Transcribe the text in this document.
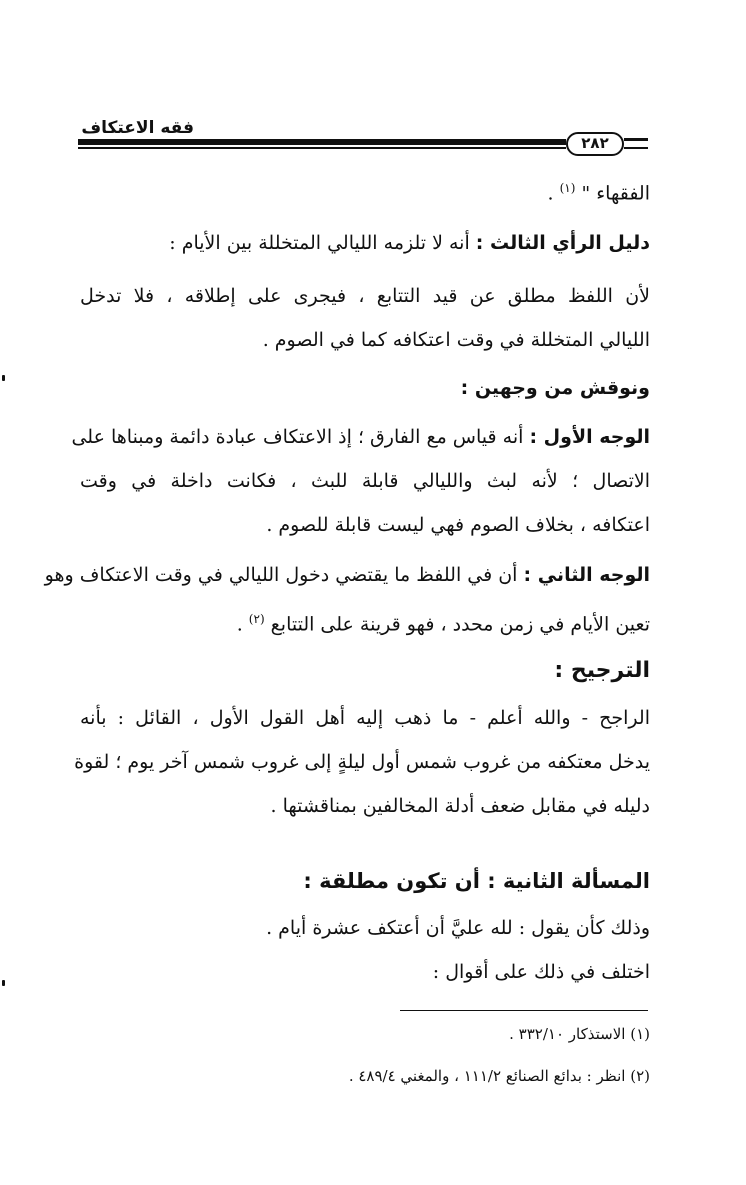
فقه الاعتكاف
٢٨٢
الفقهاء " $^{(١)}$ .
دليل الرأي الثالث : أنه لا تلزمه الليالي المتخللة بين الأيام :
لأن اللفظ مطلق عن قيد التتابع ، فيجرى على إطلاقه ، فلا تدخل
الليالي المتخللة في وقت اعتكافه كما في الصوم .
ونوقش من وجهين :
الوجه الأول : أنه قياس مع الفارق ؛ إذ الاعتكاف عبادة دائمة ومبناها على
الاتصال ؛ لأنه لبث والليالي قابلة للبث ، فكانت داخلة في وقت
اعتكافه ، بخلاف الصوم فهي ليست قابلة للصوم .
الوجه الثاني : أن في اللفظ ما يقتضي دخول الليالي في وقت الاعتكاف وهو
تعين الأيام في زمن محدد ، فهو قرينة على التتابع $^{(٢)}$ .
الترجيح :
الراجح - والله أعلم - ما ذهب إليه أهل القول الأول ، القائل : بأنه
يدخل معتكفه من غروب شمس أول ليلةٍ إلى غروب شمس آخر يوم ؛ لقوة
دليله في مقابل ضعف أدلة المخالفين بمناقشتها .
المسألة الثانية : أن تكون مطلقة :
وذلك كأن يقول : لله عليَّ أن أعتكف عشرة أيام .
اختلف في ذلك على أقوال :
(١) الاستذكار ٣٣٢/١٠ .
(٢) انظر : بدائع الصنائع ١١١/٢ ، والمغني ٤٨٩/٤ .
